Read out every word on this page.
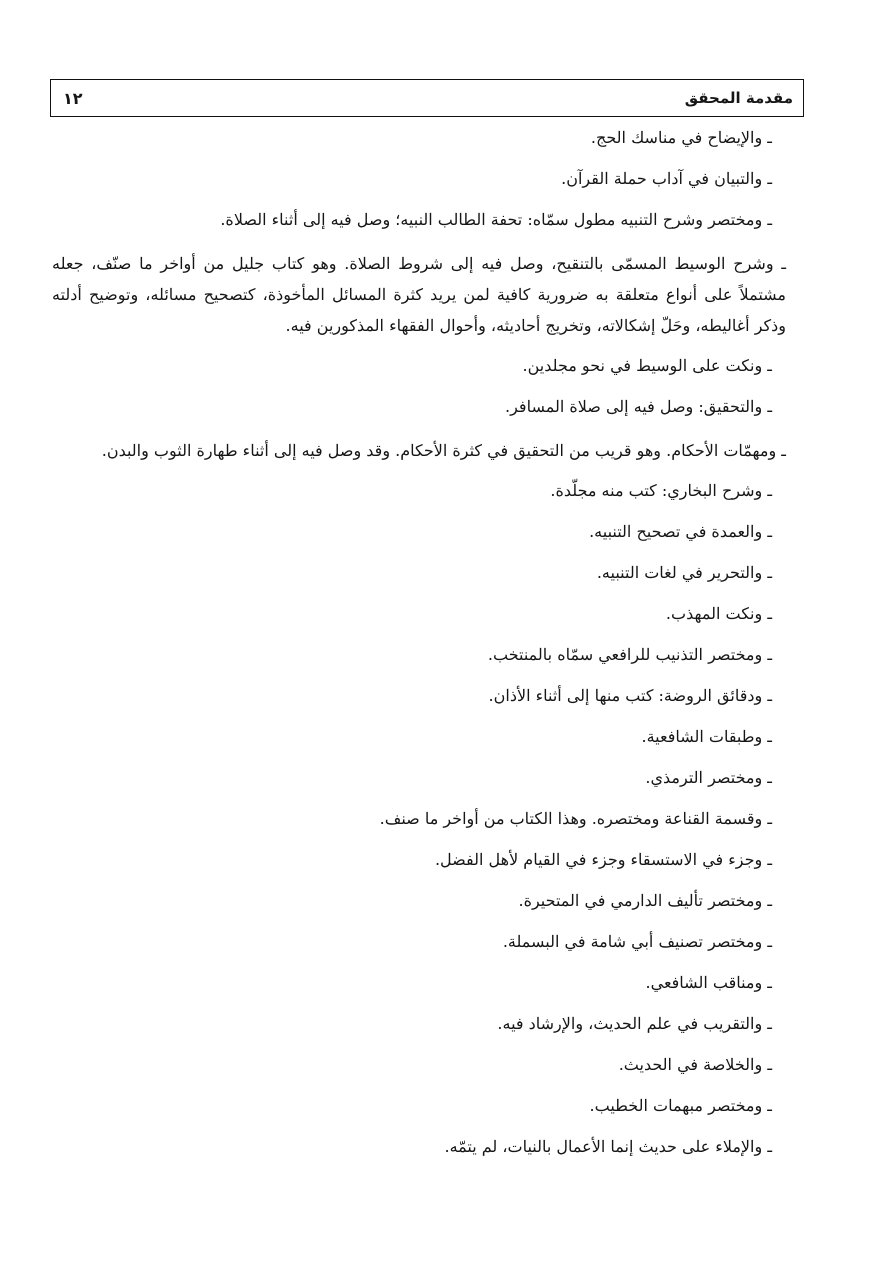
١٢	مقدمة المحقق

ـ والإيضاح في مناسك الحج.

ـ والتبيان في آداب حملة القرآن.

ـ ومختصر وشرح التنبيه مطول سمّاه: تحفة الطالب النبيه؛ وصل فيه إلى أثناء الصلاة.

ـ وشرح الوسيط المسمّى بالتنقيح، وصل فيه إلى شروط الصلاة. وهو كتاب جليل من أواخر ما صنّف، جعله مشتملاً على أنواع متعلقة به ضرورية كافية لمن يريد كثرة المسائل المأخوذة، كتصحيح مسائله، وتوضيح أدلته وذكر أغاليطه، وحَلّ إشكالاته، وتخريج أحاديثه، وأحوال الفقهاء المذكورين فيه.

ـ ونكت على الوسيط في نحو مجلدين.

ـ والتحقيق: وصل فيه إلى صلاة المسافر.

ـ ومهمّات الأحكام. وهو قريب من التحقيق في كثرة الأحكام. وقد وصل فيه إلى أثناء طهارة الثوب والبدن.

ـ وشرح البخاري: كتب منه مجلّدة.

ـ والعمدة في تصحيح التنبيه.

ـ والتحرير في لغات التنبيه.

ـ ونكت المهذب.

ـ ومختصر التذنيب للرافعي سمّاه بالمنتخب.

ـ ودقائق الروضة: كتب منها إلى أثناء الأذان.

ـ وطبقات الشافعية.

ـ ومختصر الترمذي.

ـ وقسمة القناعة ومختصره. وهذا الكتاب من أواخر ما صنف.

ـ وجزء في الاستسقاء وجزء في القيام لأهل الفضل.

ـ ومختصر تأليف الدارمي في المتحيرة.

ـ ومختصر تصنيف أبي شامة في البسملة.

ـ ومناقب الشافعي.

ـ والتقريب في علم الحديث، والإرشاد فيه.

ـ والخلاصة في الحديث.

ـ ومختصر مبهمات الخطيب.

ـ والإملاء على حديث إنما الأعمال بالنيات، لم يتمّه.
